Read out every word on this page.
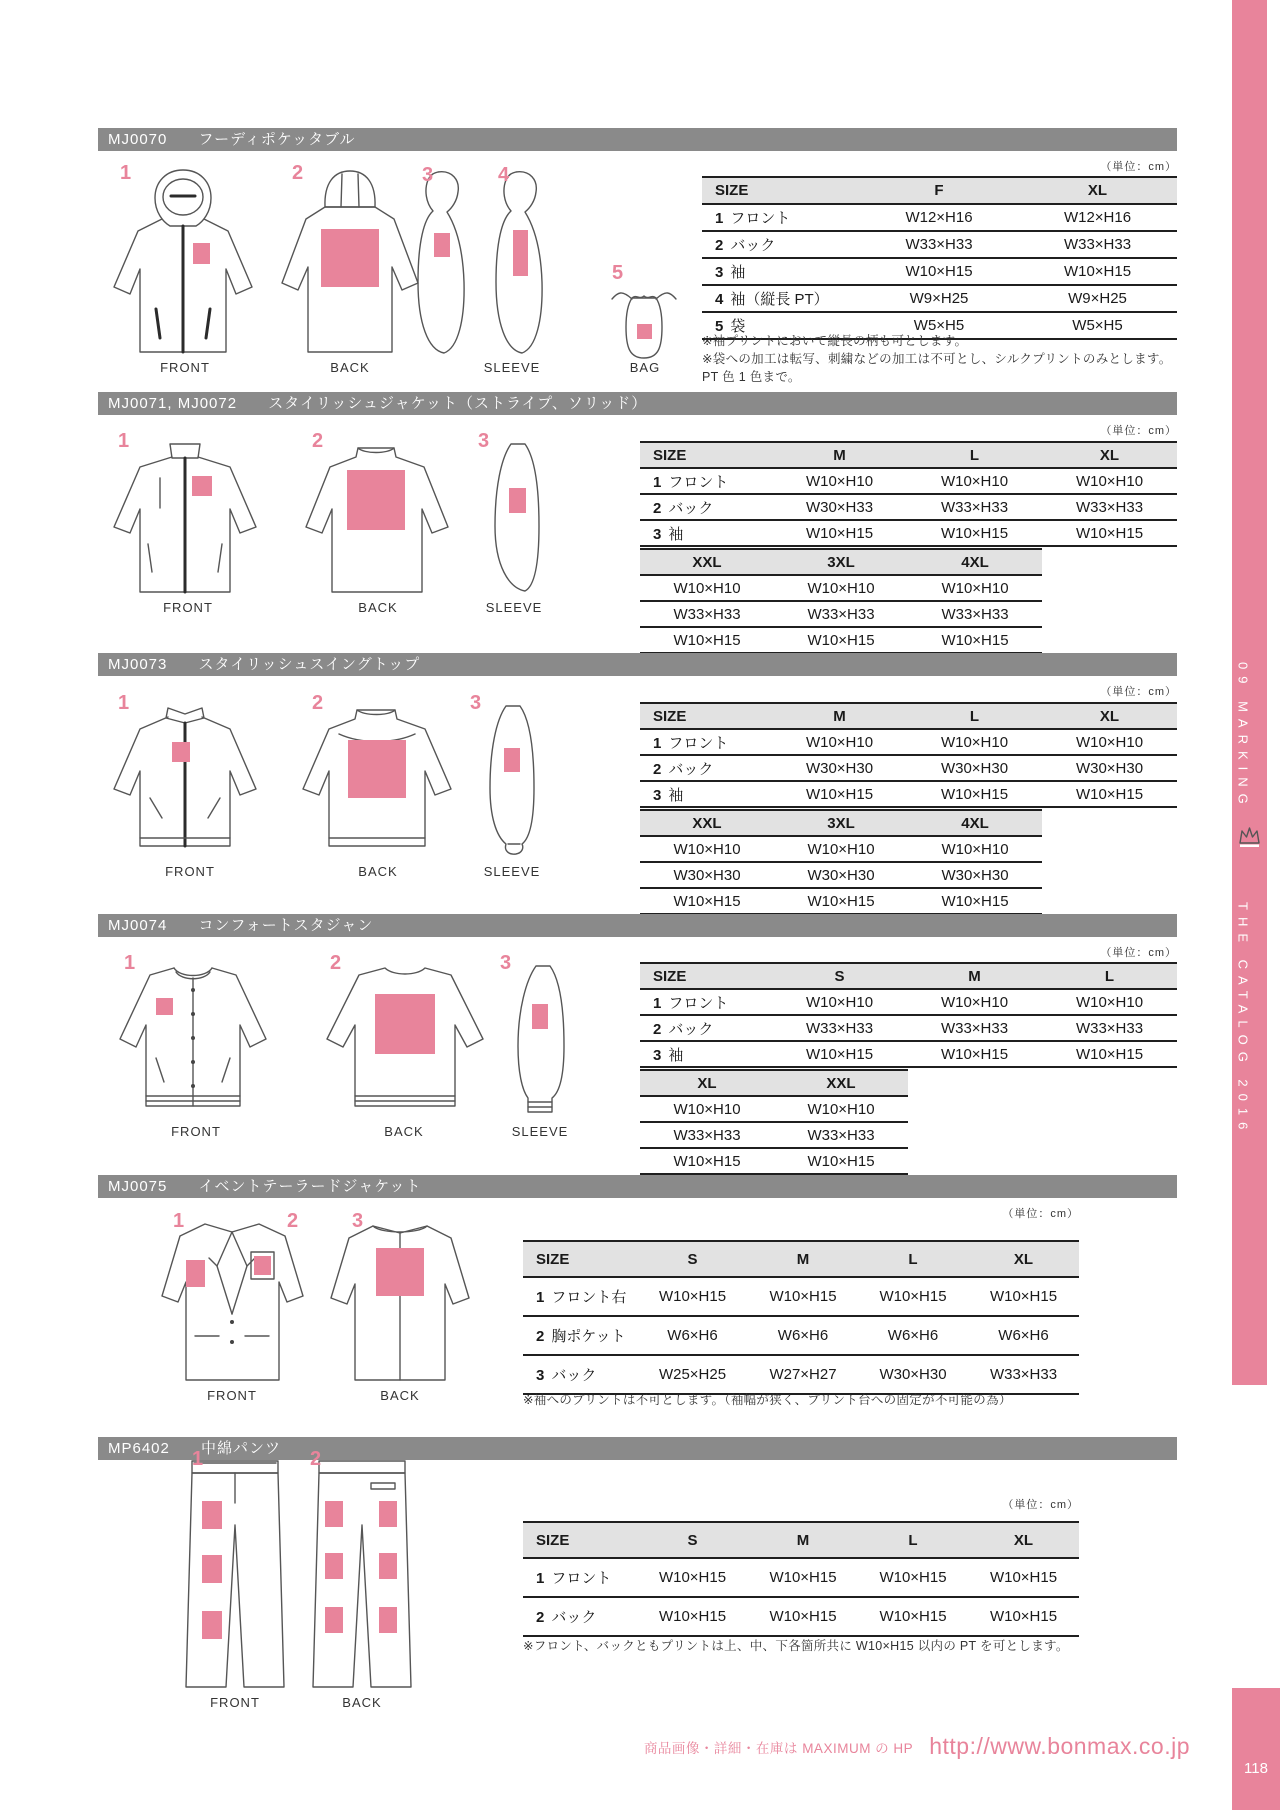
MJ0070 フーディポケッタブル
（単位：cm）
1	2	3	4
5
FRONT	BACK	SLEEVE	BAG
SIZE	F	XL
1 フロント	W12×H16	W12×H16
2 バック	W33×H33	W33×H33
3 袖	W10×H15	W10×H15
4 袖（縦長 PT）	W9×H25	W9×H25
5 袋	W5×H5	W5×H5
※袖プリントにおいて縦長の柄も可とします。
※袋への加工は転写、刺繍などの加工は不可とし、シルクプリントのみとします。
PT 色 1 色まで。
MJ0071, MJ0072 スタイリッシュジャケット（ストライプ、ソリッド）
（単位：cm）
1	2	3
FRONT	BACK	SLEEVE
SIZE	M	L	XL
1 フロント	W10×H10	W10×H10	W10×H10
2 バック	W30×H33	W33×H33	W33×H33
3 袖	W10×H15	W10×H15	W10×H15
XXL	3XL	4XL
W10×H10	W10×H10	W10×H10
W33×H33	W33×H33	W33×H33
W10×H15	W10×H15	W10×H15
MJ0073 スタイリッシュスイングトップ
（単位：cm）
1	2	3
FRONT	BACK	SLEEVE
SIZE	M	L	XL
1 フロント	W10×H10	W10×H10	W10×H10
2 バック	W30×H30	W30×H30	W30×H30
3 袖	W10×H15	W10×H15	W10×H15
XXL	3XL	4XL
W10×H10	W10×H10	W10×H10
W30×H30	W30×H30	W30×H30
W10×H15	W10×H15	W10×H15
MJ0074 コンフォートスタジャン
（単位：cm）
1	2	3
FRONT	BACK	SLEEVE
SIZE	S	M	L
1 フロント	W10×H10	W10×H10	W10×H10
2 バック	W33×H33	W33×H33	W33×H33
3 袖	W10×H15	W10×H15	W10×H15
XL	XXL
W10×H10	W10×H10
W33×H33	W33×H33
W10×H15	W10×H15
MJ0075 イベントテーラードジャケット
（単位：cm）
1	2	3
FRONT	BACK
SIZE	S	M	L	XL
1 フロント右	W10×H15	W10×H15	W10×H15	W10×H15
2 胸ポケット	W6×H6	W6×H6	W6×H6	W6×H6
3 バック	W25×H25	W27×H27	W30×H30	W33×H33
※袖へのプリントは不可とします。（袖幅が狭く、プリント台への固定が不可能の為）
MP6402 中綿パンツ
（単位：cm）
1	2
FRONT	BACK
SIZE	S	M	L	XL
1 フロント	W10×H15	W10×H15	W10×H15	W10×H15
2 バック	W10×H15	W10×H15	W10×H15	W10×H15
※フロント、バックともプリントは上、中、下各箇所共に W10×H15 以内の PT を可とします。
09 MARKING
THE CATALOG 2016
商品画像・詳細・在庫は MAXIMUM の HP http://www.bonmax.co.jp
118
